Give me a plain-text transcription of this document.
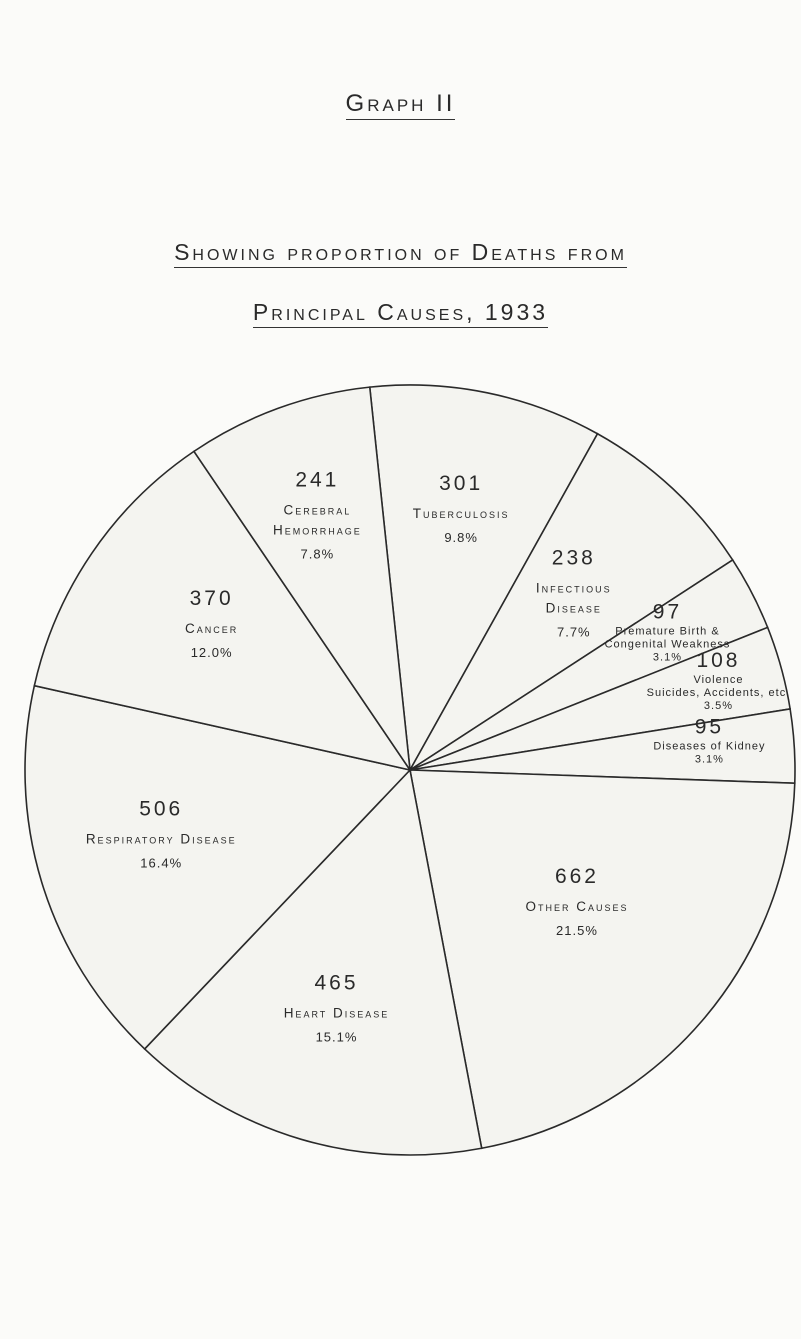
Graph II
Showing proportion of Deaths from
Principal Causes, 1933
301
Tuberculosis
9.8%
238
Infectious
Disease
7.7%
97
Premature Birth &
Congenital Weakness
3.1% 108
Violence
Suicides, Accidents, etc.
3.5%
95
Diseases of Kidney
3.1%
662
Other Causes
21.5%
465
Heart Disease
15.1%
506
Respiratory Disease
16.4%
370
Cancer
12.0%
241
Cerebral
Hemorrhage
7.8%
